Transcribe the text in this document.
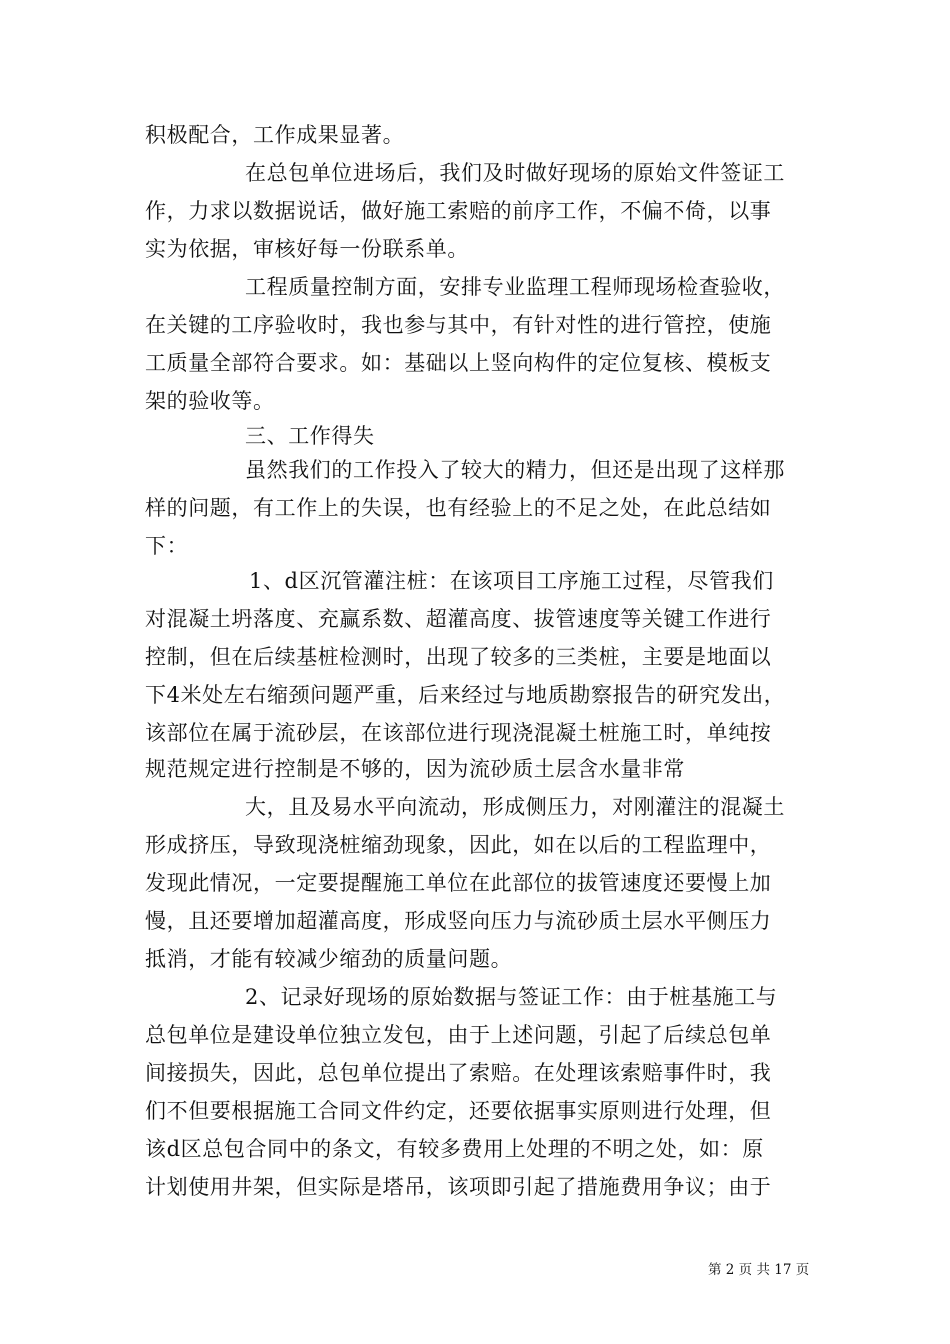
积极配合，工作成果显著。
在总包单位进场后，我们及时做好现场的原始文件签证工
作，力求以数据说话，做好施工索赔的前序工作，不偏不倚，以事
实为依据，审核好每一份联系单。
工程质量控制方面，安排专业监理工程师现场检查验收，
在关键的工序验收时，我也参与其中，有针对性的进行管控，使施
工质量全部符合要求。如：基础以上竖向构件的定位复核、模板支
架的验收等。
三、工作得失
虽然我们的工作投入了较大的精力，但还是出现了这样那
样的问题，有工作上的失误，也有经验上的不足之处，在此总结如
下：
1、d区沉管灌注桩：在该项目工序施工过程，尽管我们
对混凝土坍落度、充赢系数、超灌高度、拔管速度等关键工作进行
控制，但在后续基桩检测时，出现了较多的三类桩，主要是地面以
下4米处左右缩颈问题严重，后来经过与地质勘察报告的研究发出，
该部位在属于流砂层，在该部位进行现浇混凝土桩施工时，单纯按
规范规定进行控制是不够的，因为流砂质土层含水量非常
大，且及易水平向流动，形成侧压力，对刚灌注的混凝土
形成挤压，导致现浇桩缩劲现象，因此，如在以后的工程监理中，
发现此情况，一定要提醒施工单位在此部位的拔管速度还要慢上加
慢，且还要增加超灌高度，形成竖向压力与流砂质土层水平侧压力
抵消，才能有较减少缩劲的质量问题。
2、记录好现场的原始数据与签证工作：由于桩基施工与
总包单位是建设单位独立发包，由于上述问题，引起了后续总包单
间接损失，因此，总包单位提出了索赔。在处理该索赔事件时，我
们不但要根据施工合同文件约定，还要依据事实原则进行处理，但
该d区总包合同中的条文，有较多费用上处理的不明之处，如：原
计划使用井架，但实际是塔吊，该项即引起了措施费用争议；由于
第 2 页 共 17 页
